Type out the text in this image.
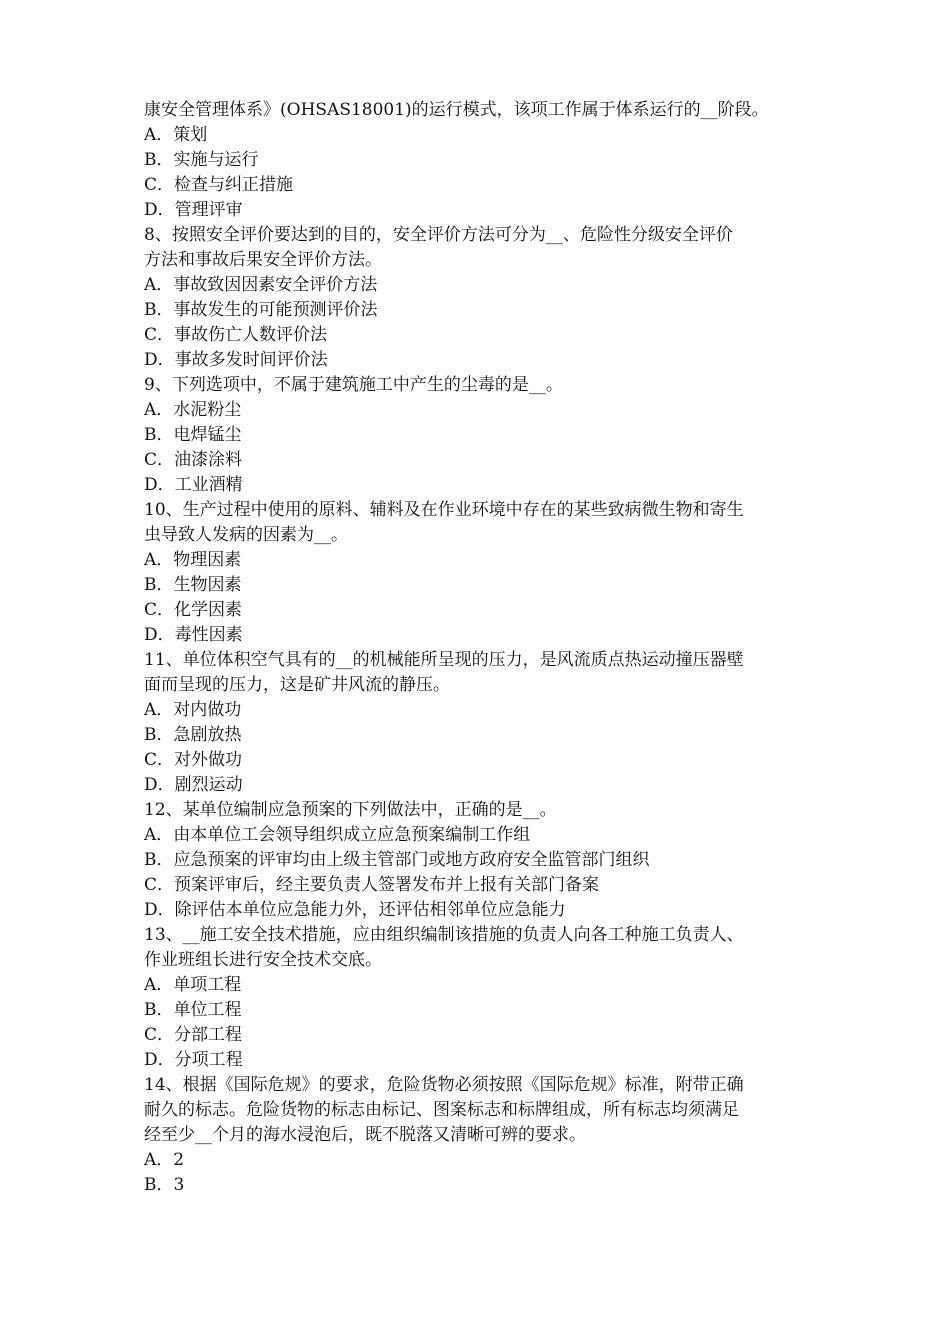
康安全管理体系》(OHSAS18001)的运行模式，该项工作属于体系运行的__阶段。
A．策划
B．实施与运行
C．检查与纠正措施
D．管理评审
8、按照安全评价要达到的目的，安全评价方法可分为__、危险性分级安全评价
方法和事故后果安全评价方法。
A．事故致因因素安全评价方法
B．事故发生的可能预测评价法
C．事故伤亡人数评价法
D．事故多发时间评价法
9、下列选项中，不属于建筑施工中产生的尘毒的是__。
A．水泥粉尘
B．电焊锰尘
C．油漆涂料
D．工业酒精
10、生产过程中使用的原料、辅料及在作业环境中存在的某些致病微生物和寄生
虫导致人发病的因素为__。
A．物理因素
B．生物因素
C．化学因素
D．毒性因素
11、单位体积空气具有的__的机械能所呈现的压力，是风流质点热运动撞压器壁
面而呈现的压力，这是矿井风流的静压。
A．对内做功
B．急剧放热
C．对外做功
D．剧烈运动
12、某单位编制应急预案的下列做法中，正确的是__。
A．由本单位工会领导组织成立应急预案编制工作组
B．应急预案的评审均由上级主管部门或地方政府安全监管部门组织
C．预案评审后，经主要负责人签署发布并上报有关部门备案
D．除评估本单位应急能力外，还评估相邻单位应急能力
13、__施工安全技术措施，应由组织编制该措施的负责人向各工种施工负责人、
作业班组长进行安全技术交底。
A．单项工程
B．单位工程
C．分部工程
D．分项工程
14、根据《国际危规》的要求，危险货物必须按照《国际危规》标准，附带正确
耐久的标志。危险货物的标志由标记、图案标志和标牌组成，所有标志均须满足
经至少__个月的海水浸泡后，既不脱落又清晰可辨的要求。
A．2
B．3
